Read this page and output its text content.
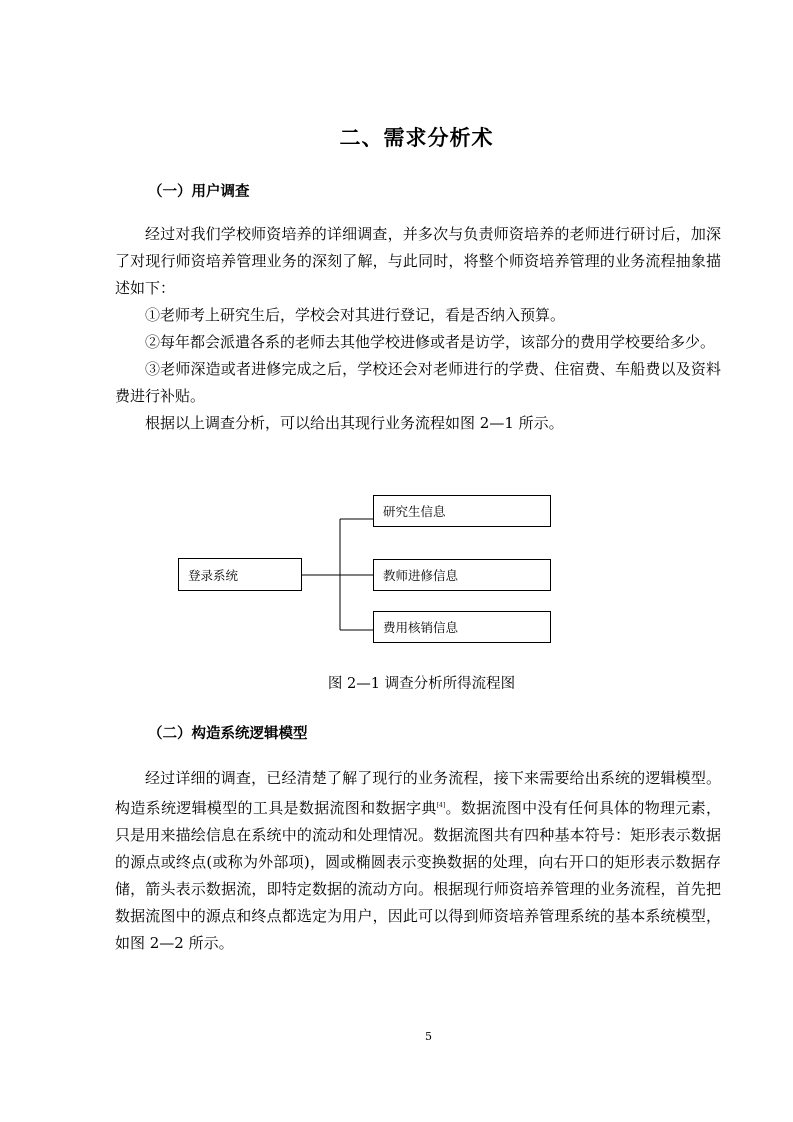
二、需求分析术
（一）用户调查

经过对我们学校师资培养的详细调查，并多次与负责师资培养的老师进行研讨后，加深了对现行师资培养管理业务的深刻了解，与此同时，将整个师资培养管理的业务流程抽象描述如下：

①老师考上研究生后，学校会对其进行登记，看是否纳入预算。

②每年都会派遣各系的老师去其他学校进修或者是访学，该部分的费用学校要给多少。

③老师深造或者进修完成之后，学校还会对老师进行的学费、住宿费、车船费以及资料费进行补贴。

根据以上调查分析，可以给出其现行业务流程如图 2—1 所示。

登录系统
研究生信息
教师进修信息
费用核销信息
图 2—1 调查分析所得流程图
（二）构造系统逻辑模型

经过详细的调查，已经清楚了解了现行的业务流程，接下来需要给出系统的逻辑模型。构造系统逻辑模型的工具是数据流图和数据字典[4]。数据流图中没有任何具体的物理元素，只是用来描绘信息在系统中的流动和处理情况。数据流图共有四种基本符号：矩形表示数据的源点或终点(或称为外部项)，圆或椭圆表示变换数据的处理，向右开口的矩形表示数据存储，箭头表示数据流，即特定数据的流动方向。根据现行师资培养管理的业务流程，首先把数据流图中的源点和终点都选定为用户，因此可以得到师资培养管理系统的基本系统模型，如图 2—2 所示。

5
